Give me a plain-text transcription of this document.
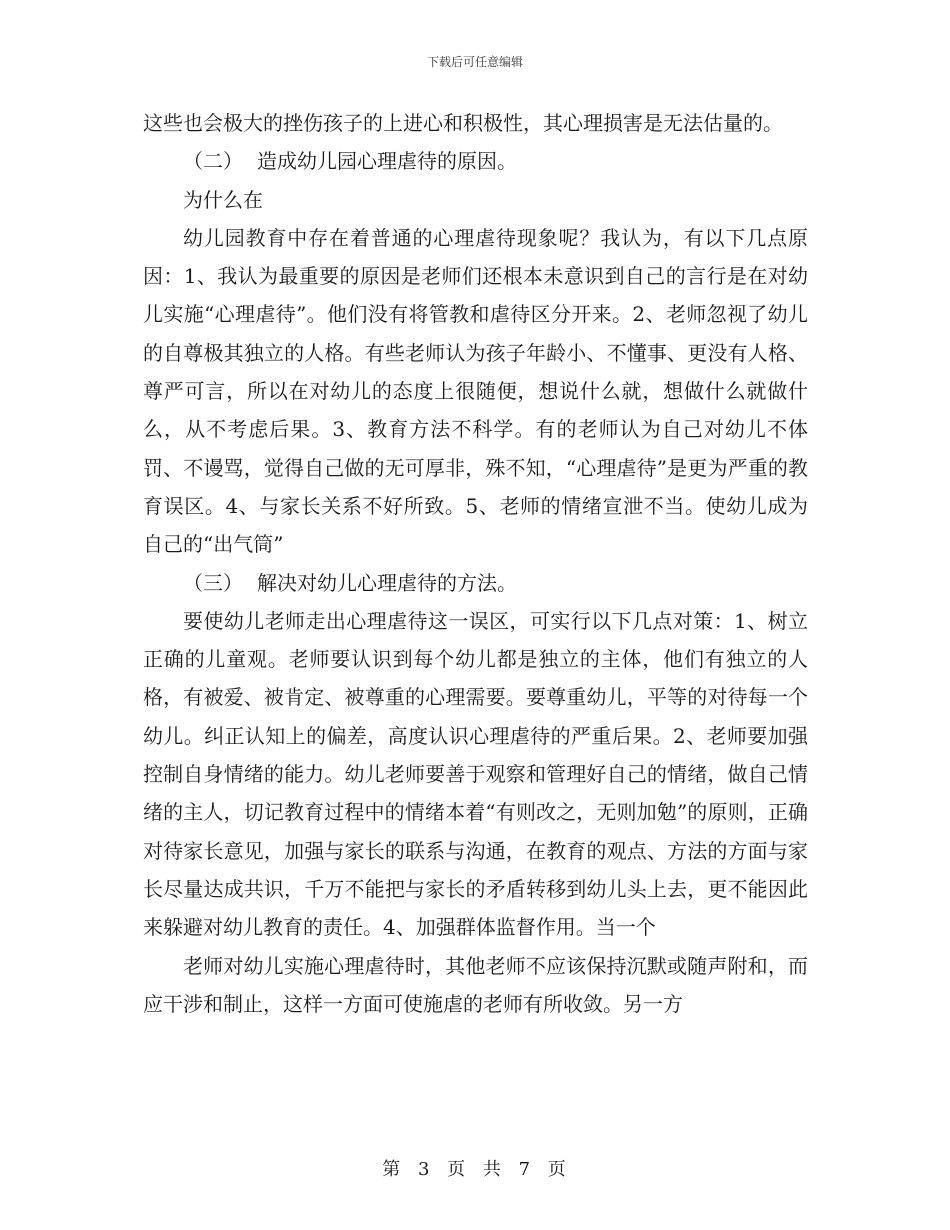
下载后可任意编辑

这些也会极大的挫伤孩子的上进心和积极性，其心理损害是无法估量的。

（二） 造成幼儿园心理虐待的原因。

为什么在

幼儿园教育中存在着普通的心理虐待现象呢？我认为，有以下几点原因：1、我认为最重要的原因是老师们还根本未意识到自己的言行是在对幼儿实施“心理虐待”。他们没有将管教和虐待区分开来。2、老师忽视了幼儿的自尊极其独立的人格。有些老师认为孩子年龄小、不懂事、更没有人格、尊严可言，所以在对幼儿的态度上很随便，想说什么就，想做什么就做什么，从不考虑后果。3、教育方法不科学。有的老师认为自己对幼儿不体罚、不谩骂，觉得自己做的无可厚非，殊不知，“心理虐待”是更为严重的教育误区。4、与家长关系不好所致。5、老师的情绪宣泄不当。使幼儿成为自己的“出气筒”

（三） 解决对幼儿心理虐待的方法。

要使幼儿老师走出心理虐待这一误区，可实行以下几点对策：1、树立正确的儿童观。老师要认识到每个幼儿都是独立的主体，他们有独立的人格，有被爱、被肯定、被尊重的心理需要。要尊重幼儿，平等的对待每一个幼儿。纠正认知上的偏差，高度认识心理虐待的严重后果。2、老师要加强控制自身情绪的能力。幼儿老师要善于观察和管理好自己的情绪，做自己情绪的主人，切记教育过程中的情绪本着“有则改之，无则加勉”的原则，正确对待家长意见，加强与家长的联系与沟通，在教育的观点、方法的方面与家长尽量达成共识，千万不能把与家长的矛盾转移到幼儿头上去，更不能因此来躲避对幼儿教育的责任。4、加强群体监督作用。当一个

老师对幼儿实施心理虐待时，其他老师不应该保持沉默或随声附和，而应干涉和制止，这样一方面可使施虐的老师有所收敛。另一方

第 3 页 共 7 页
